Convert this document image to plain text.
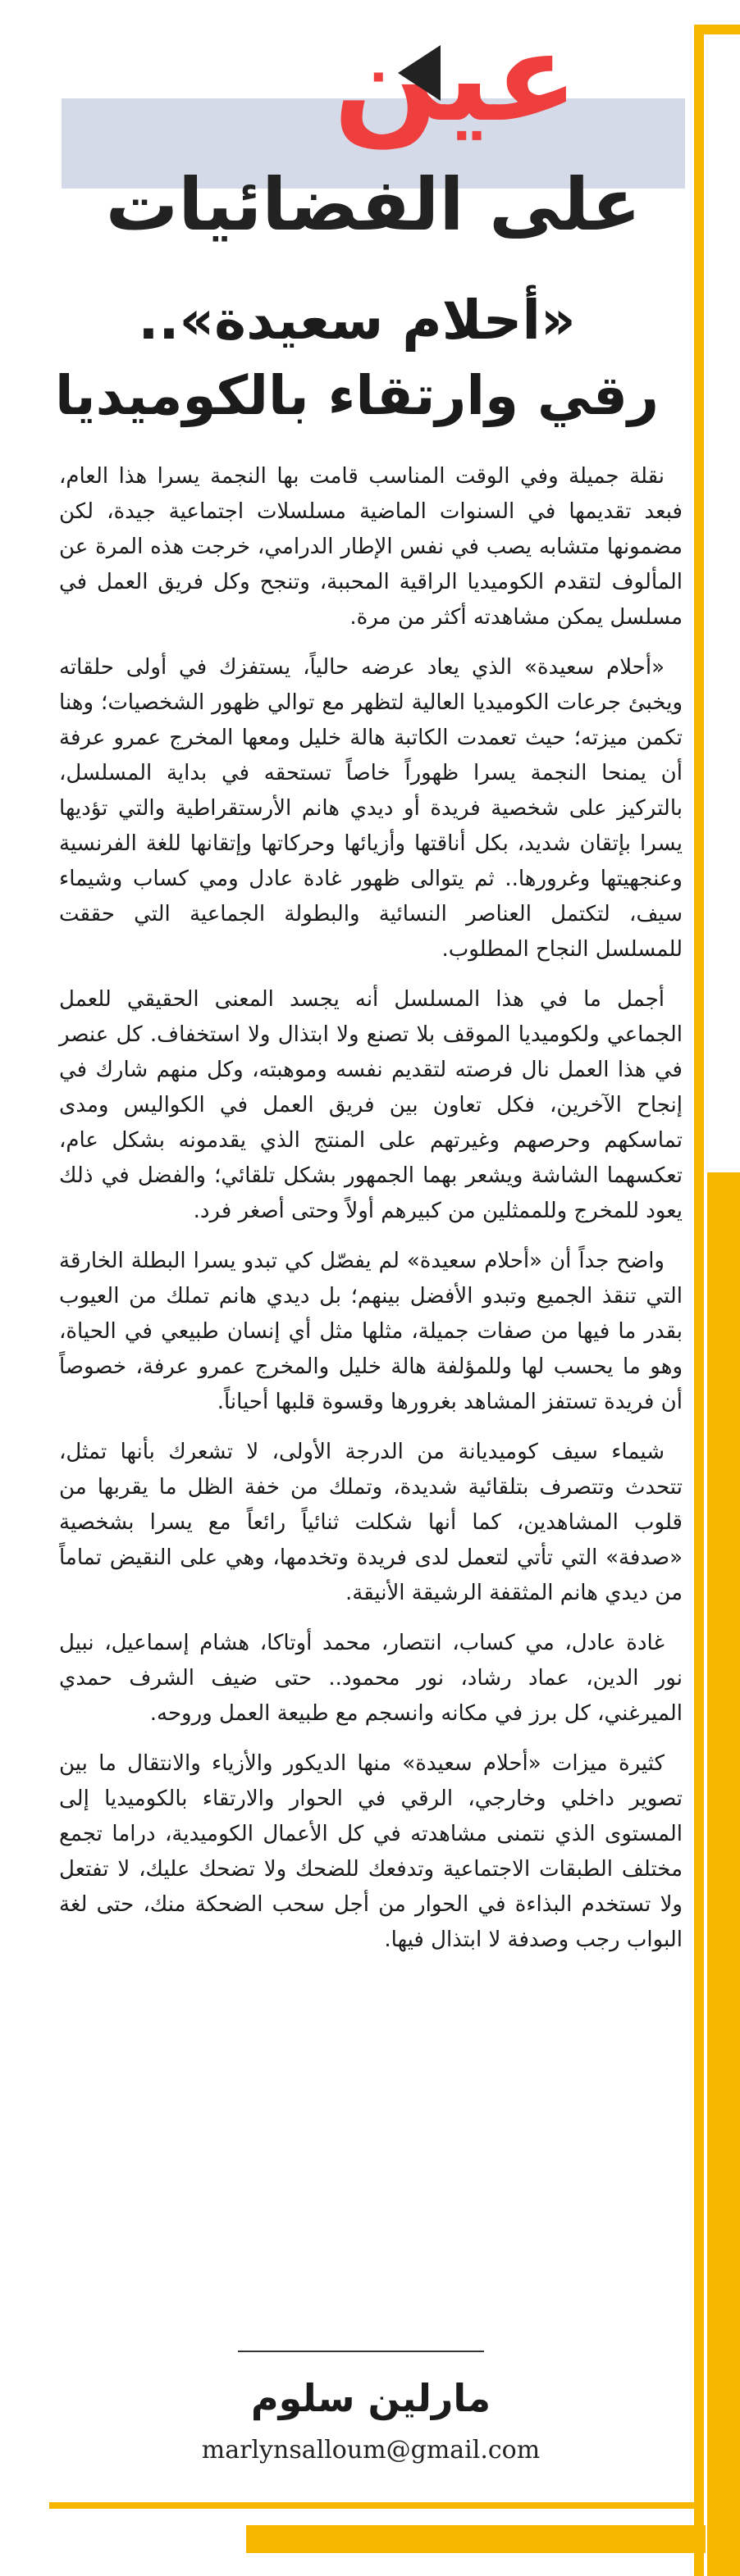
عين

على الفضائيات

«أحلام سعيدة»..
رقي وارتقاء بالكوميديا

نقلة جميلة وفي الوقت المناسب قامت بها النجمة يسرا هذا العام، فبعد تقديمها في السنوات الماضية مسلسلات اجتماعية جيدة، لكن مضمونها متشابه يصب في نفس الإطار الدرامي، خرجت هذه المرة عن المألوف لتقدم الكوميديا الراقية المحببة، وتنجح وكل فريق العمل في مسلسل يمكن مشاهدته أكثر من مرة.

«أحلام سعيدة» الذي يعاد عرضه حالياً، يستفزك في أولى حلقاته ويخبئ جرعات الكوميديا العالية لتظهر مع توالي ظهور الشخصيات؛ وهنا تكمن ميزته؛ حيث تعمدت الكاتبة هالة خليل ومعها المخرج عمرو عرفة أن يمنحا النجمة يسرا ظهوراً خاصاً تستحقه في بداية المسلسل، بالتركيز على شخصية فريدة أو ديدي هانم الأرستقراطية والتي تؤديها يسرا بإتقان شديد، بكل أناقتها وأزيائها وحركاتها وإتقانها للغة الفرنسية وعنجهيتها وغرورها.. ثم يتوالى ظهور غادة عادل ومي كساب وشيماء سيف، لتكتمل العناصر النسائية والبطولة الجماعية التي حققت للمسلسل النجاح المطلوب.

أجمل ما في هذا المسلسل أنه يجسد المعنى الحقيقي للعمل الجماعي ولكوميديا الموقف بلا تصنع ولا ابتذال ولا استخفاف. كل عنصر في هذا العمل نال فرصته لتقديم نفسه وموهبته، وكل منهم شارك في إنجاح الآخرين، فكل تعاون بين فريق العمل في الكواليس ومدى تماسكهم وحرصهم وغيرتهم على المنتج الذي يقدمونه بشكل عام، تعكسهما الشاشة ويشعر بهما الجمهور بشكل تلقائي؛ والفضل في ذلك يعود للمخرج وللممثلين من كبيرهم أولاً وحتى أصغر فرد.

واضح جداً أن «أحلام سعيدة» لم يفصّل كي تبدو يسرا البطلة الخارقة التي تنقذ الجميع وتبدو الأفضل بينهم؛ بل ديدي هانم تملك من العيوب بقدر ما فيها من صفات جميلة، مثلها مثل أي إنسان طبيعي في الحياة، وهو ما يحسب لها وللمؤلفة هالة خليل والمخرج عمرو عرفة، خصوصاً أن فريدة تستفز المشاهد بغرورها وقسوة قلبها أحياناً.

شيماء سيف كوميديانة من الدرجة الأولى، لا تشعرك بأنها تمثل، تتحدث وتتصرف بتلقائية شديدة، وتملك من خفة الظل ما يقربها من قلوب المشاهدين، كما أنها شكلت ثنائياً رائعاً مع يسرا بشخصية «صدفة» التي تأتي لتعمل لدى فريدة وتخدمها، وهي على النقيض تماماً من ديدي هانم المثقفة الرشيقة الأنيقة.

غادة عادل، مي كساب، انتصار، محمد أوتاكا، هشام إسماعيل، نبيل نور الدين، عماد رشاد، نور محمود.. حتى ضيف الشرف حمدي الميرغني، كل برز في مكانه وانسجم مع طبيعة العمل وروحه.

كثيرة ميزات «أحلام سعيدة» منها الديكور والأزياء والانتقال ما بين تصوير داخلي وخارجي، الرقي في الحوار والارتقاء بالكوميديا إلى المستوى الذي نتمنى مشاهدته في كل الأعمال الكوميدية، دراما تجمع مختلف الطبقات الاجتماعية وتدفعك للضحك ولا تضحك عليك، لا تفتعل ولا تستخدم البذاءة في الحوار من أجل سحب الضحكة منك، حتى لغة البواب رجب وصدفة لا ابتذال فيها.

مارلين سلوم

marlynsalloum@gmail.com
